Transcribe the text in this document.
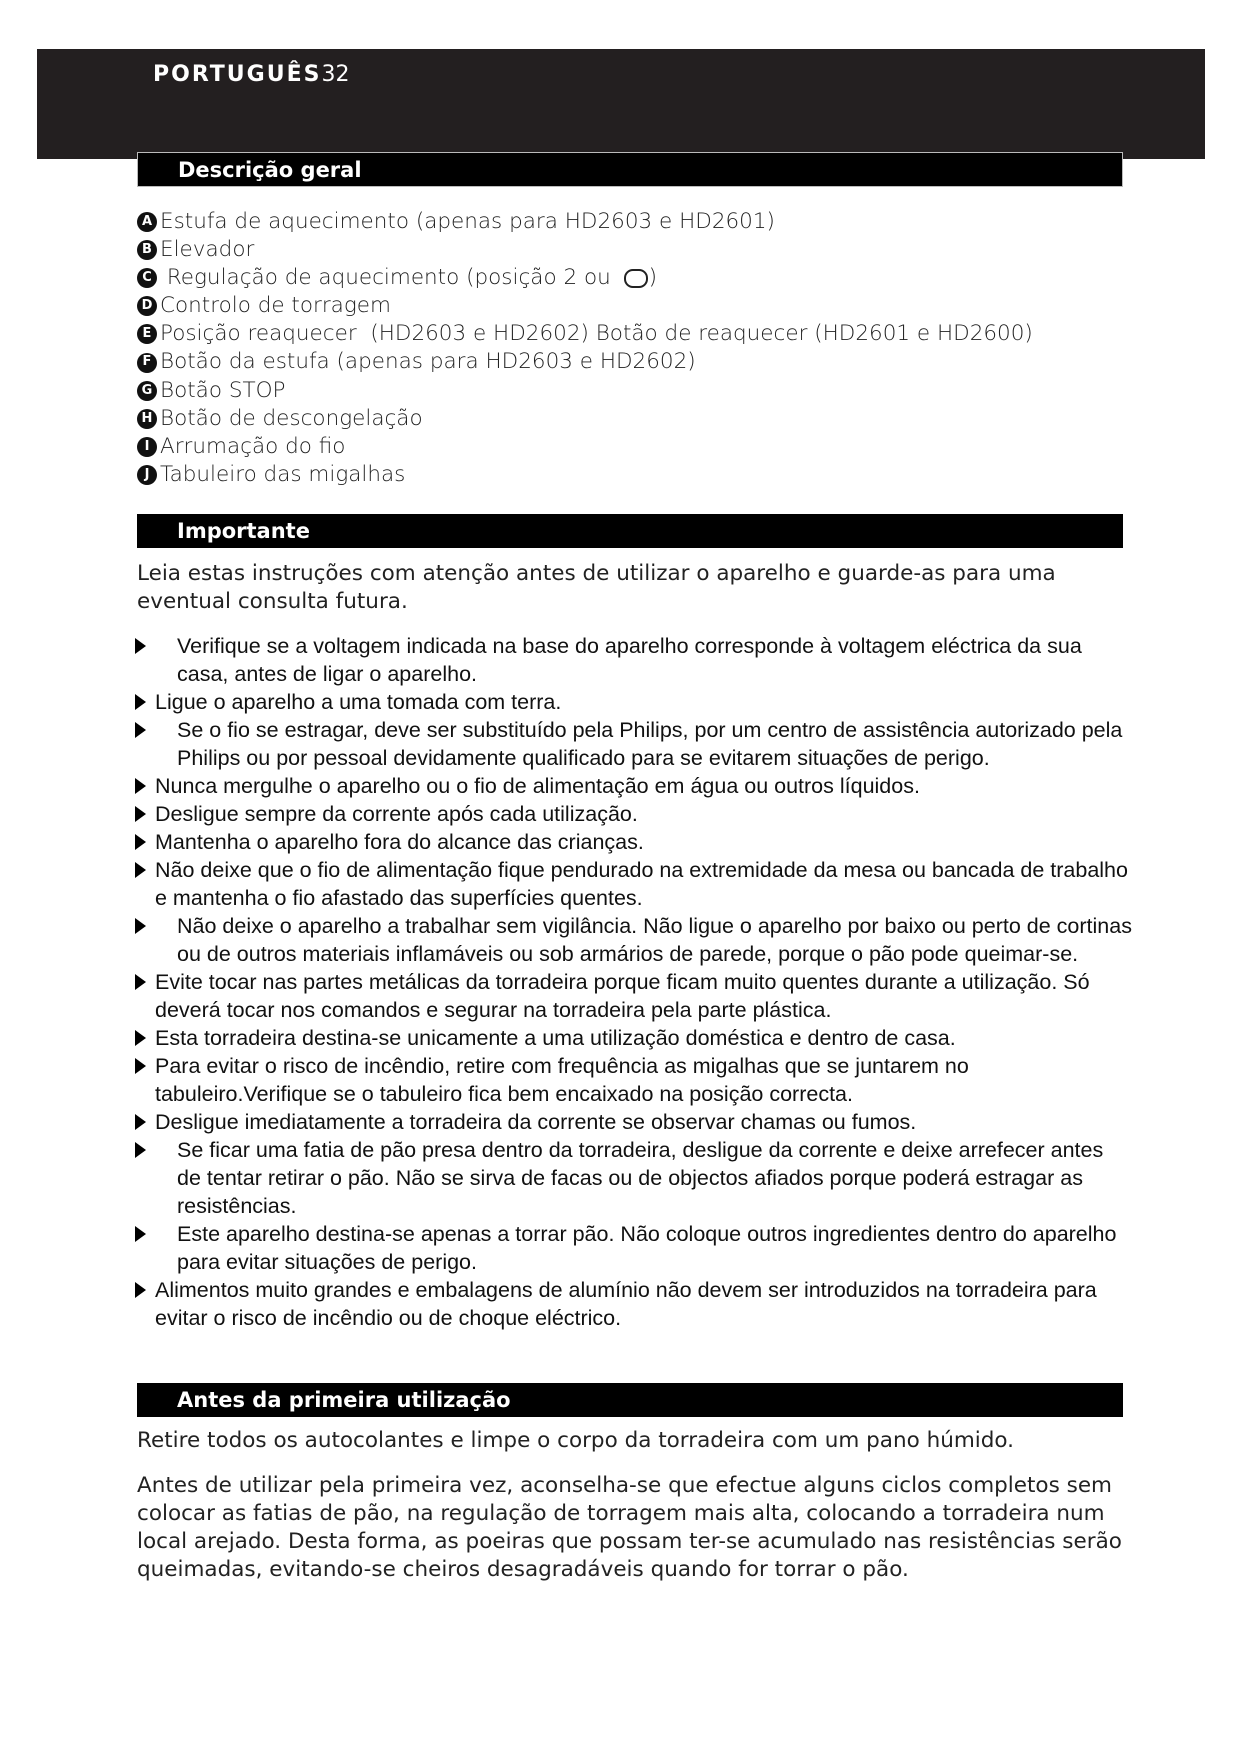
PORTUGUÊS32
Descrição geral
A Estufa de aquecimento (apenas para HD2603 e HD2601)
B Elevador
C Regulação de aquecimento (posição 2 ou )
D Controlo de torragem
E Posição reaquecer  (HD2603 e HD2602) Botão de reaquecer (HD2601 e HD2600)
F Botão da estufa (apenas para HD2603 e HD2602)
G Botão STOP
H Botão de descongelação
I Arrumação do fio
J Tabuleiro das migalhas
Importante
Leia estas instruções com atenção antes de utilizar o aparelho e guarde-as para uma eventual consulta futura.
Verifique se a voltagem indicada na base do aparelho corresponde à voltagem eléctrica da sua casa, antes de ligar o aparelho.
Ligue o aparelho a uma tomada com terra.
Se o fio se estragar, deve ser substituído pela Philips, por um centro de assistência autorizado pela Philips ou por pessoal devidamente qualificado para se evitarem situações de perigo.
Nunca mergulhe o aparelho ou o fio de alimentação em água ou outros líquidos.
Desligue sempre da corrente após cada utilização.
Mantenha o aparelho fora do alcance das crianças.
Não deixe que o fio de alimentação fique pendurado na extremidade da mesa ou bancada de trabalho e mantenha o fio afastado das superfícies quentes.
Não deixe o aparelho a trabalhar sem vigilância. Não ligue o aparelho por baixo ou perto de cortinas ou de outros materiais inflamáveis ou sob armários de parede, porque o pão pode queimar-se.
Evite tocar nas partes metálicas da torradeira porque ficam muito quentes durante a utilização. Só deverá tocar nos comandos e segurar na torradeira pela parte plástica.
Esta torradeira destina-se unicamente a uma utilização doméstica e dentro de casa.
Para evitar o risco de incêndio, retire com frequência as migalhas que se juntarem no tabuleiro.Verifique se o tabuleiro fica bem encaixado na posição correcta.
Desligue imediatamente a torradeira da corrente se observar chamas ou fumos.
Se ficar uma fatia de pão presa dentro da torradeira, desligue da corrente e deixe arrefecer antes de tentar retirar o pão. Não se sirva de facas ou de objectos afiados porque poderá estragar as resistências.
Este aparelho destina-se apenas a torrar pão. Não coloque outros ingredientes dentro do aparelho para evitar situações de perigo.
Alimentos muito grandes e embalagens de alumínio não devem ser introduzidos na torradeira para evitar o risco de incêndio ou de choque eléctrico.
Antes da primeira utilização
Retire todos os autocolantes e limpe o corpo da torradeira com um pano húmido.
Antes de utilizar pela primeira vez, aconselha-se que efectue alguns ciclos completos sem colocar as fatias de pão, na regulação de torragem mais alta, colocando a torradeira num local arejado. Desta forma, as poeiras que possam ter-se acumulado nas resistências serão queimadas, evitando-se cheiros desagradáveis quando for torrar o pão.
